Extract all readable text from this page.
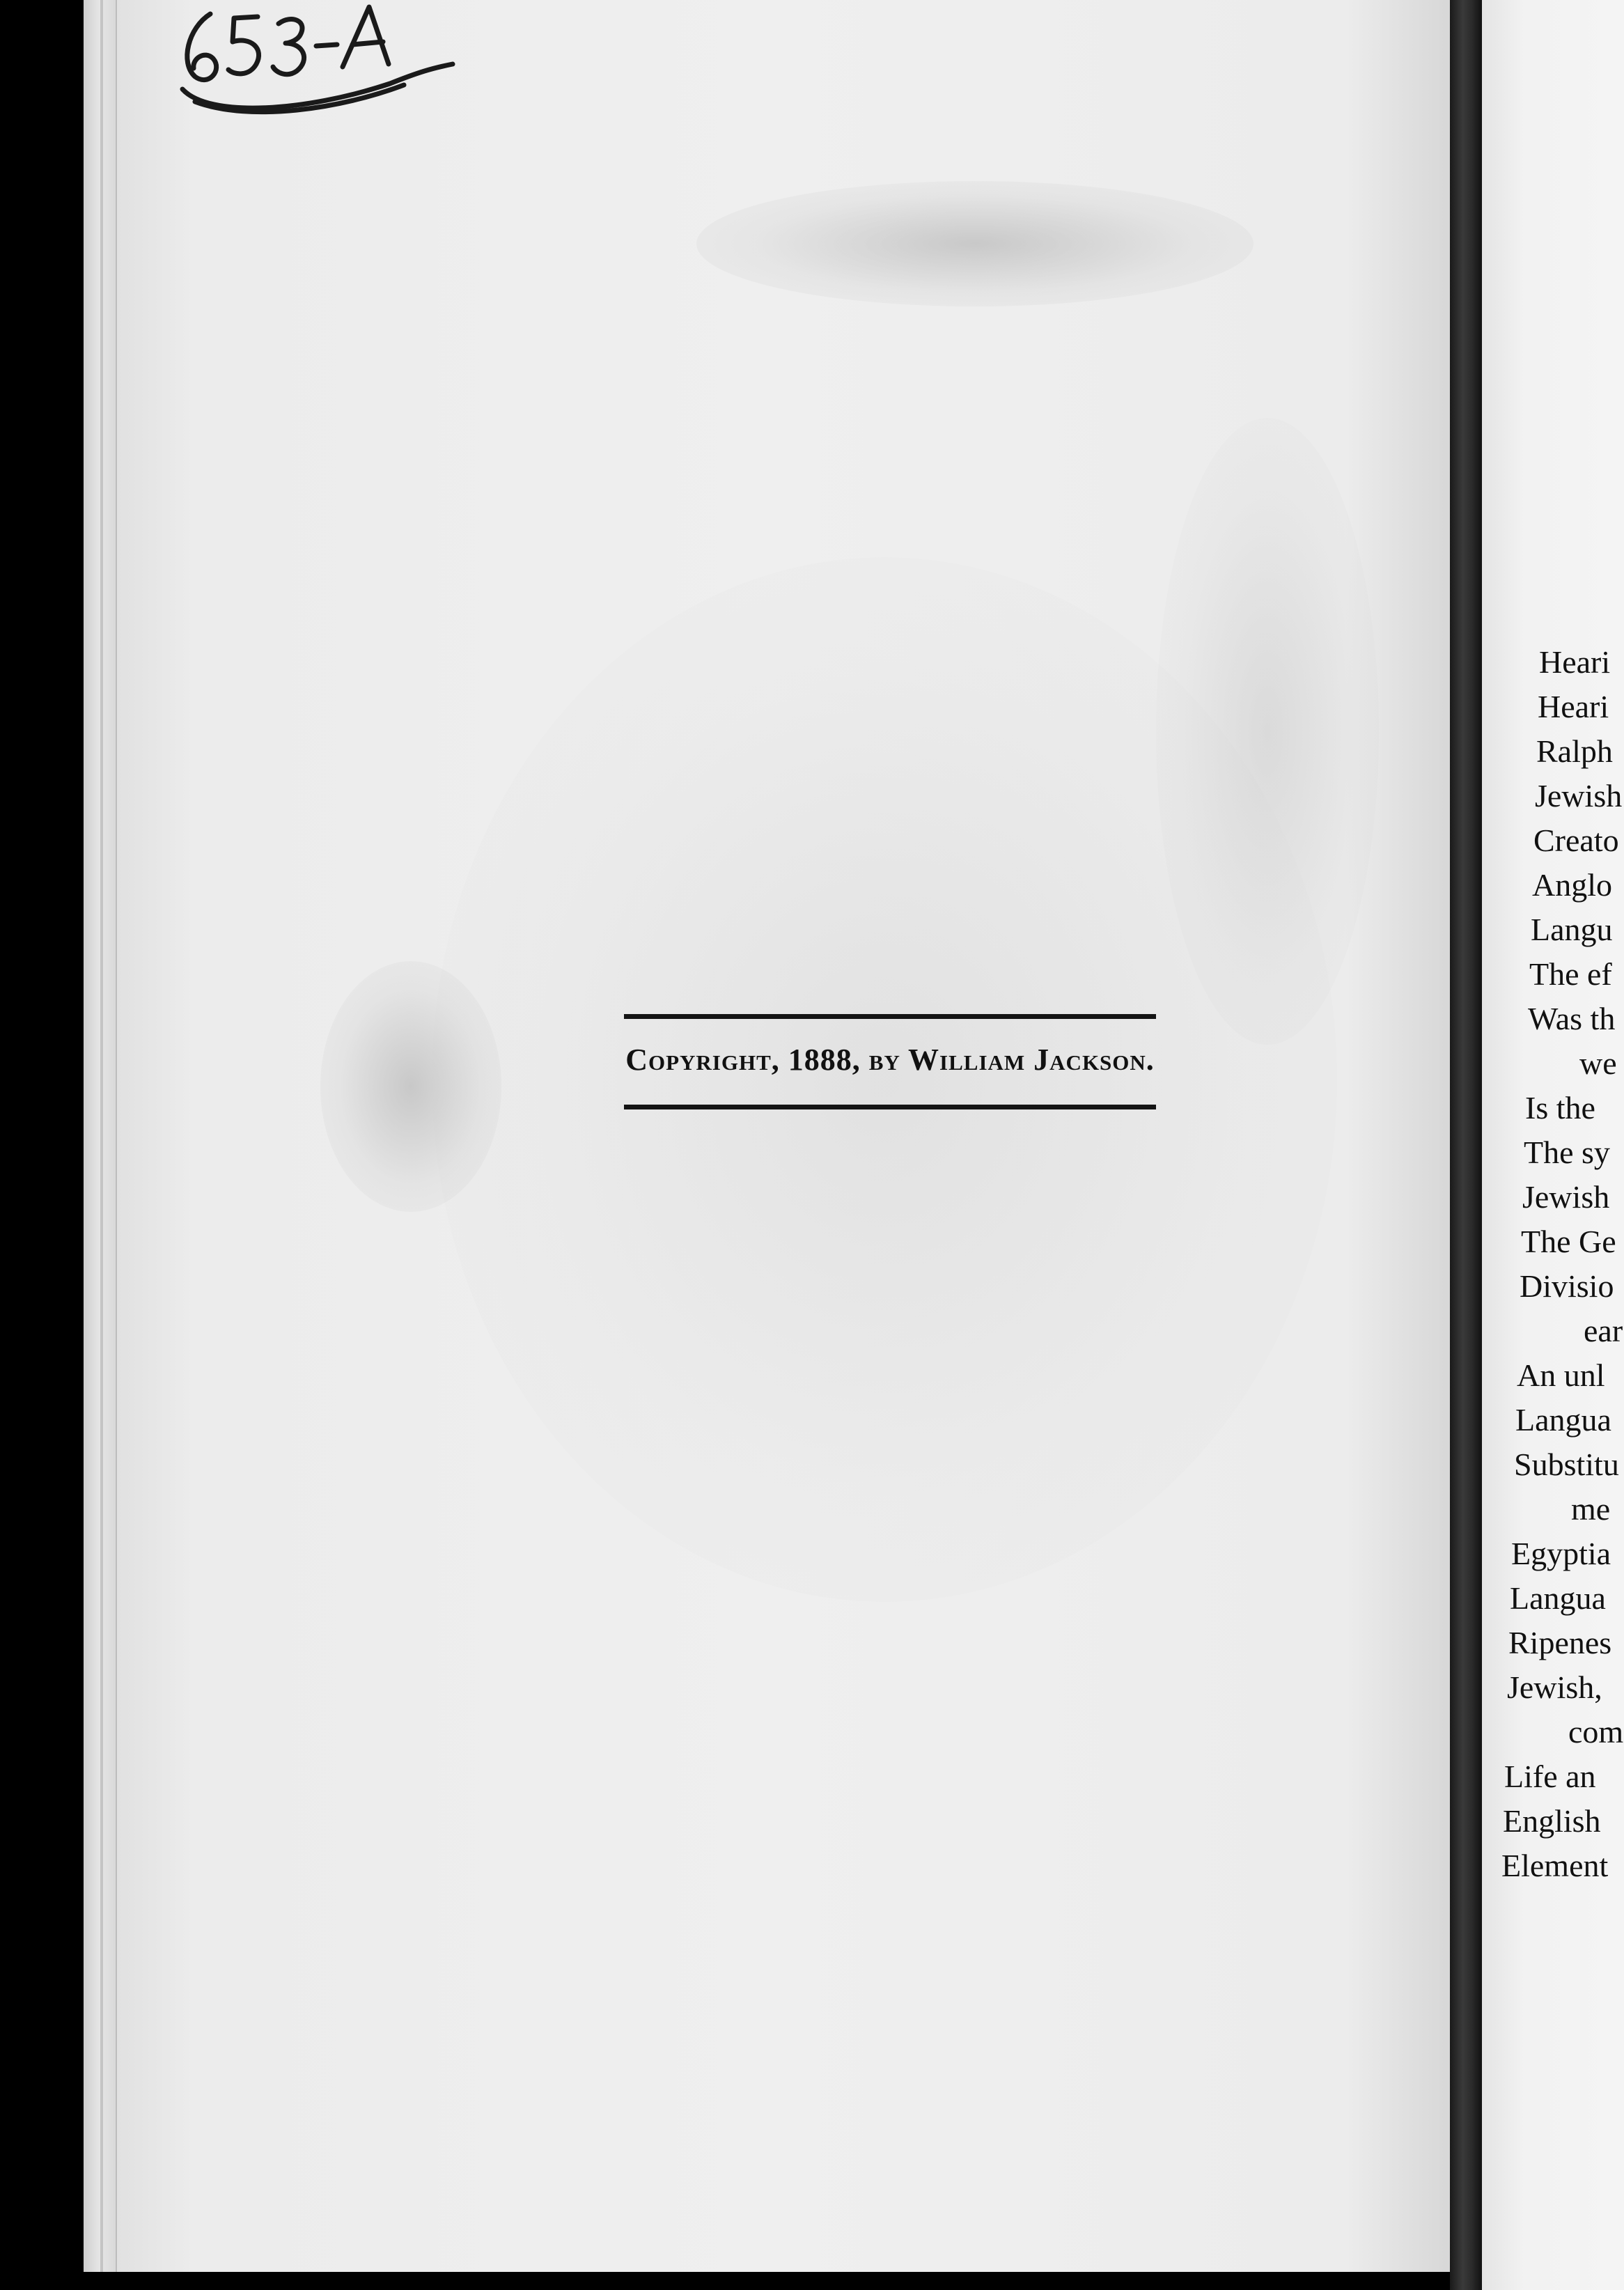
Copyright, 1888, by William Jackson.
Heari
Heari
Ralph
Jewish
Creato
Anglo
Langu
The ef
Was th
we
Is the
The sy
Jewish
The Ge
Divisio
ear
An unl
Langua
Substitu
me
Egyptia
Langua
Ripenes
Jewish,
com
Life an
English
Element
